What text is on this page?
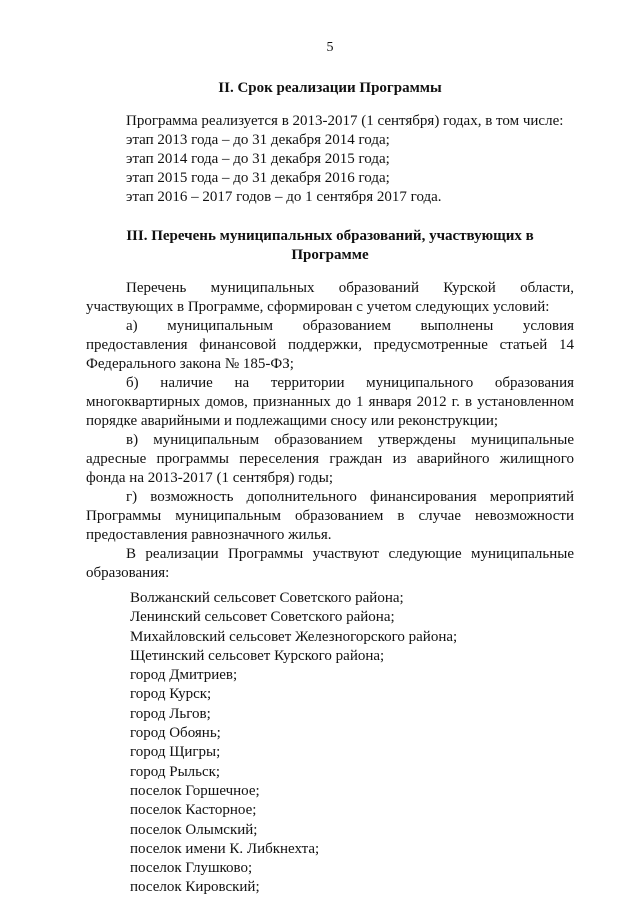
5
II. Срок реализации Программы
Программа реализуется в 2013-2017 (1 сентября) годах, в том числе:
этап 2013 года – до 31 декабря 2014 года;
этап 2014 года – до 31 декабря 2015 года;
этап 2015 года – до 31 декабря 2016 года;
этап 2016 – 2017 годов – до 1 сентября 2017 года.
III. Перечень муниципальных образований, участвующих в
Программе

Перечень муниципальных образований Курской области, участвующих в Программе, сформирован с учетом следующих условий:

а) муниципальным образованием выполнены условия предоставления финансовой поддержки, предусмотренные статьей 14 Федерального закона № 185-ФЗ;

б) наличие на территории муниципального образования многоквартирных домов, признанных до 1 января 2012 г. в установленном порядке аварийными и подлежащими сносу или реконструкции;

в) муниципальным образованием утверждены муниципальные адресные программы переселения граждан из аварийного жилищного фонда на 2013-2017 (1 сентября) годы;

г) возможность дополнительного финансирования мероприятий Программы муниципальным образованием в случае невозможности предоставления равнозначного жилья.

В реализации Программы участвуют следующие муниципальные образования:

Волжанский сельсовет Советского района;
Ленинский сельсовет Советского района;
Михайловский сельсовет Железногорского района;
Щетинский сельсовет Курского района;
город Дмитриев;
город Курск;
город Льгов;
город Обоянь;
город Щигры;
город Рыльск;
поселок Горшечное;
поселок Касторное;
поселок Олымский;
поселок имени К. Либкнехта;
поселок Глушково;
поселок Кировский;
